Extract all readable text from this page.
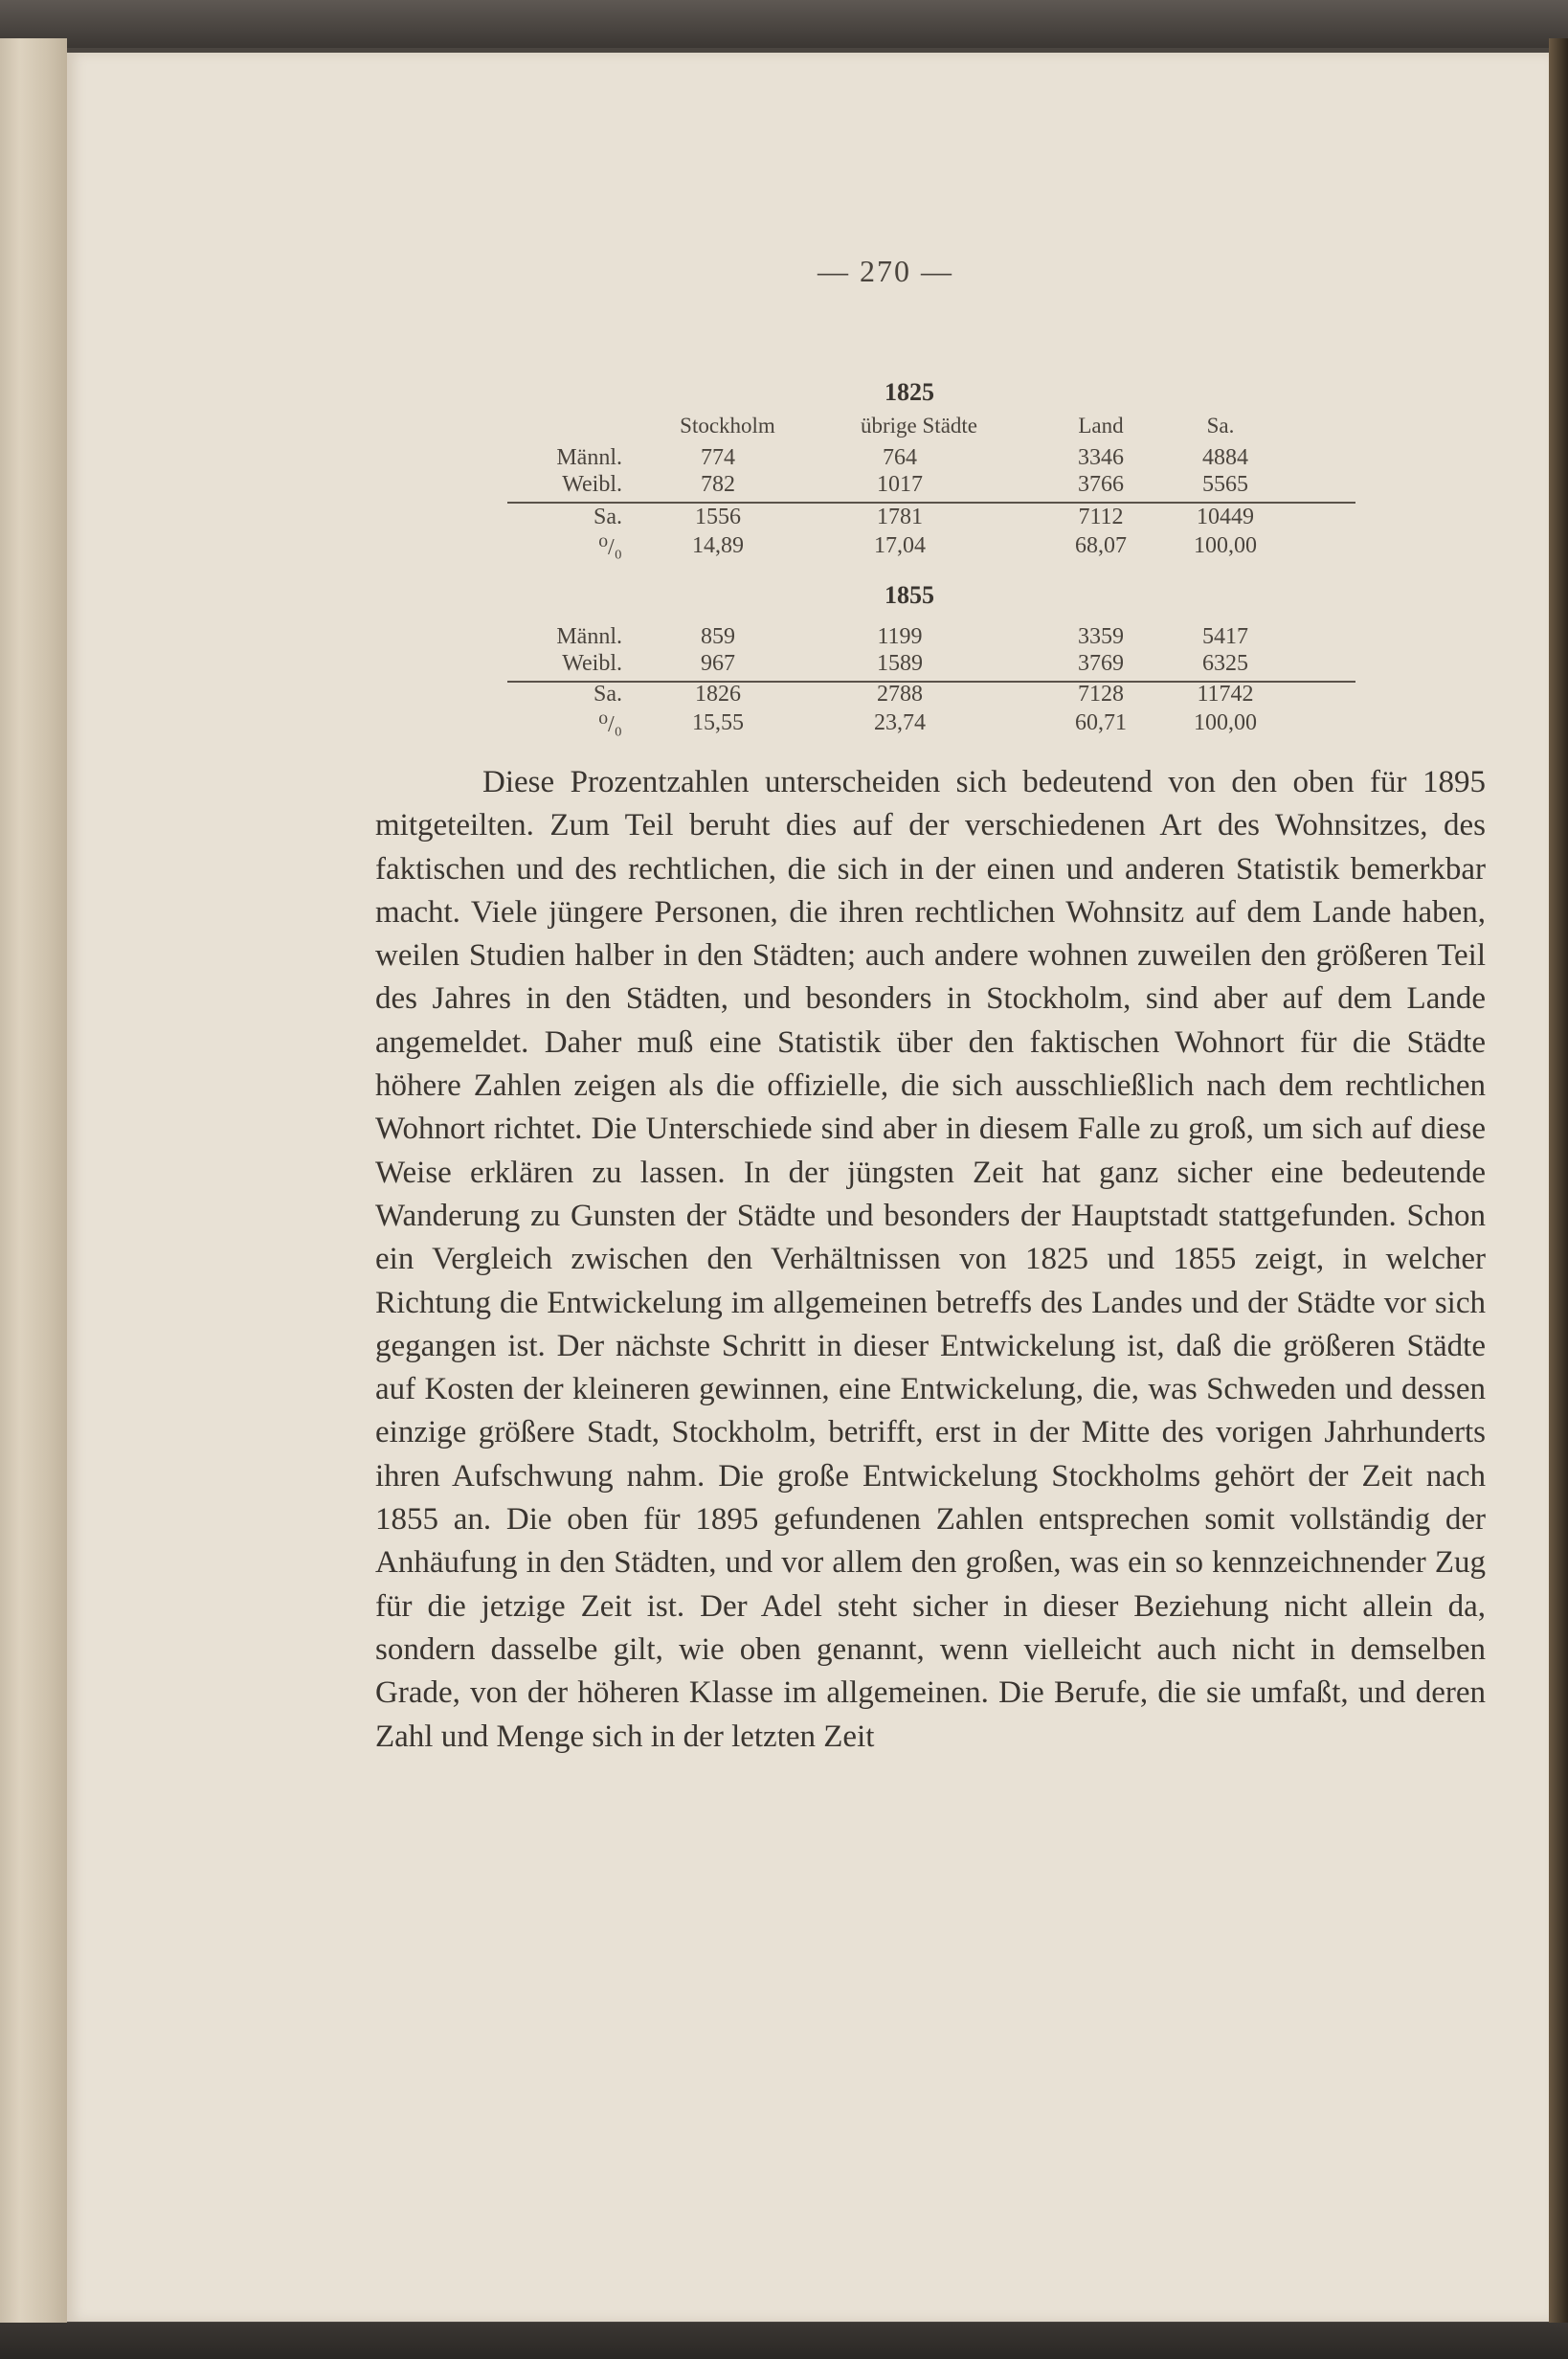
— 270 —
1825
Stockholm	übrige Städte	Land	Sa.
Männl.	774	764	3346	4884
Weibl.	782	1017	3766	5565
Sa.	1556	1781	7112	10449
⁰/₀	14,89	17,04	68,07	100,00
1855
Männl.	859	1199	3359	5417
Weibl.	967	1589	3769	6325
Sa.	1826	2788	7128	11742
⁰/₀	15,55	23,74	60,71	100,00

Diese Prozentzahlen unterscheiden sich bedeutend von den oben für 1895 mitgeteilten. Zum Teil beruht dies auf der verschiedenen Art des Wohnsitzes, des faktischen und des rechtlichen, die sich in der einen und anderen Statistik bemerkbar macht. Viele jüngere Personen, die ihren rechtlichen Wohnsitz auf dem Lande haben, weilen Studien halber in den Städten; auch andere wohnen zuweilen den größeren Teil des Jahres in den Städten, und besonders in Stockholm, sind aber auf dem Lande angemeldet. Daher muß eine Statistik über den faktischen Wohnort für die Städte höhere Zahlen zeigen als die offizielle, die sich ausschließlich nach dem rechtlichen Wohnort richtet. Die Unterschiede sind aber in diesem Falle zu groß, um sich auf diese Weise erklären zu lassen. In der jüngsten Zeit hat ganz sicher eine bedeutende Wanderung zu Gunsten der Städte und besonders der Hauptstadt stattgefunden. Schon ein Vergleich zwischen den Verhältnissen von 1825 und 1855 zeigt, in welcher Richtung die Entwickelung im allgemeinen betreffs des Landes und der Städte vor sich gegangen ist. Der nächste Schritt in dieser Entwickelung ist, daß die größeren Städte auf Kosten der kleineren gewinnen, eine Entwickelung, die, was Schweden und dessen einzige größere Stadt, Stockholm, betrifft, erst in der Mitte des vorigen Jahrhunderts ihren Aufschwung nahm. Die große Entwickelung Stockholms gehört der Zeit nach 1855 an. Die oben für 1895 gefundenen Zahlen entsprechen somit vollständig der Anhäufung in den Städten, und vor allem den großen, was ein so kennzeichnender Zug für die jetzige Zeit ist. Der Adel steht sicher in dieser Beziehung nicht allein da, sondern dasselbe gilt, wie oben genannt, wenn vielleicht auch nicht in demselben Grade, von der höheren Klasse im allgemeinen. Die Berufe, die sie umfaßt, und deren Zahl und Menge sich in der letzten Zeit
